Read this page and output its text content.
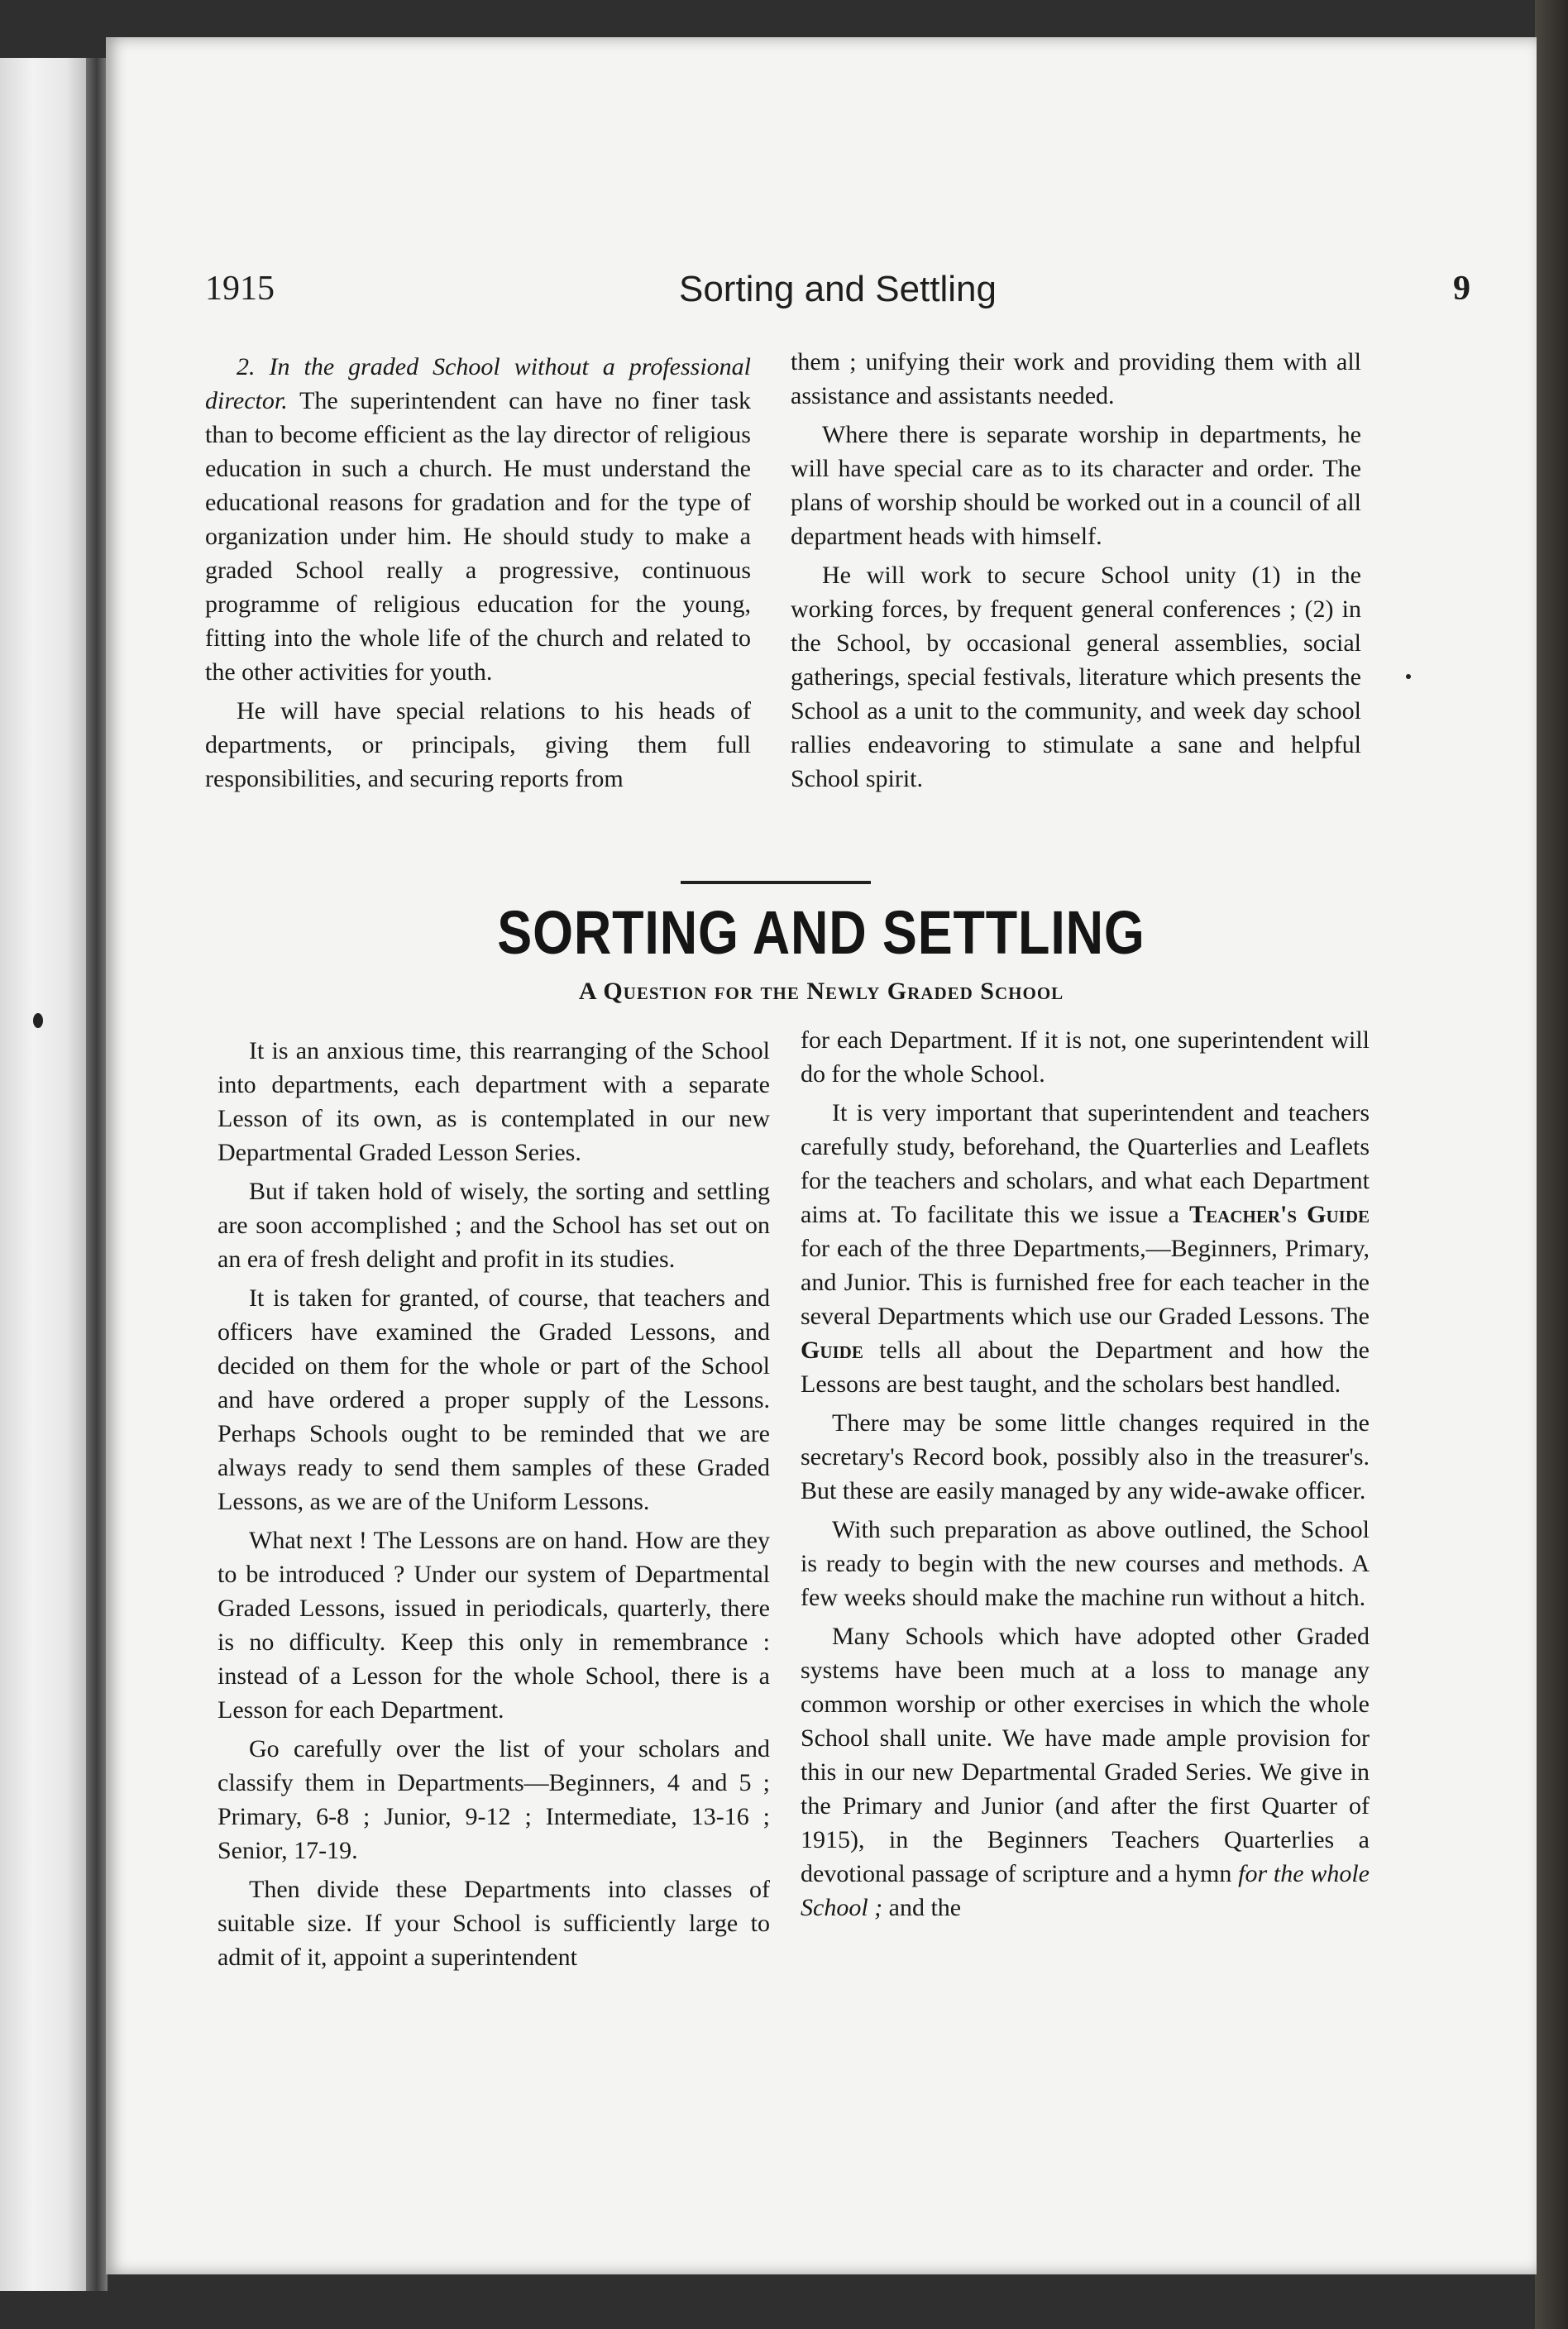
1915	Sorting and Settling	9

2. In the graded School without a professional director. The superintendent can have no finer task than to become efficient as the lay director of religious education in such a church. He must understand the educational reasons for gradation and for the type of organization under him. He should study to make a graded School really a progressive, continuous programme of religious education for the young, fitting into the whole life of the church and related to the other activities for youth.

He will have special relations to his heads of departments, or principals, giving them full responsibilities, and securing reports from

them ; unifying their work and providing them with all assistance and assistants needed.

Where there is separate worship in departments, he will have special care as to its character and order. The plans of worship should be worked out in a council of all department heads with himself.

He will work to secure School unity (1) in the working forces, by frequent general conferences ; (2) in the School, by occasional general assemblies, social gatherings, special festivals, literature which presents the School as a unit to the community, and week day school rallies endeavoring to stimulate a sane and helpful School spirit.

SORTING AND SETTLING
A Question for the Newly Graded School

It is an anxious time, this rearranging of the School into departments, each department with a separate Lesson of its own, as is contemplated in our new Departmental Graded Lesson Series.

But if taken hold of wisely, the sorting and settling are soon accomplished ; and the School has set out on an era of fresh delight and profit in its studies.

It is taken for granted, of course, that teachers and officers have examined the Graded Lessons, and decided on them for the whole or part of the School and have ordered a proper supply of the Lessons. Perhaps Schools ought to be reminded that we are always ready to send them samples of these Graded Lessons, as we are of the Uniform Lessons.

What next ! The Lessons are on hand. How are they to be introduced ? Under our system of Departmental Graded Lessons, issued in periodicals, quarterly, there is no difficulty. Keep this only in remembrance : instead of a Lesson for the whole School, there is a Lesson for each Department.

Go carefully over the list of your scholars and classify them in Departments—Beginners, 4 and 5 ; Primary, 6-8 ; Junior, 9-12 ; Intermediate, 13-16 ; Senior, 17-19.

Then divide these Departments into classes of suitable size. If your School is sufficiently large to admit of it, appoint a superintendent

for each Department. If it is not, one superintendent will do for the whole School.

It is very important that superintendent and teachers carefully study, beforehand, the Quarterlies and Leaflets for the teachers and scholars, and what each Department aims at. To facilitate this we issue a Teacher's Guide for each of the three Departments,—Beginners, Primary, and Junior. This is furnished free for each teacher in the several Departments which use our Graded Lessons. The Guide tells all about the Department and how the Lessons are best taught, and the scholars best handled.

There may be some little changes required in the secretary's Record book, possibly also in the treasurer's. But these are easily managed by any wide-awake officer.

With such preparation as above outlined, the School is ready to begin with the new courses and methods. A few weeks should make the machine run without a hitch.

Many Schools which have adopted other Graded systems have been much at a loss to manage any common worship or other exercises in which the whole School shall unite. We have made ample provision for this in our new Departmental Graded Series. We give in the Primary and Junior (and after the first Quarter of 1915), in the Beginners Teachers Quarterlies a devotional passage of scripture and a hymn for the whole School ; and the
